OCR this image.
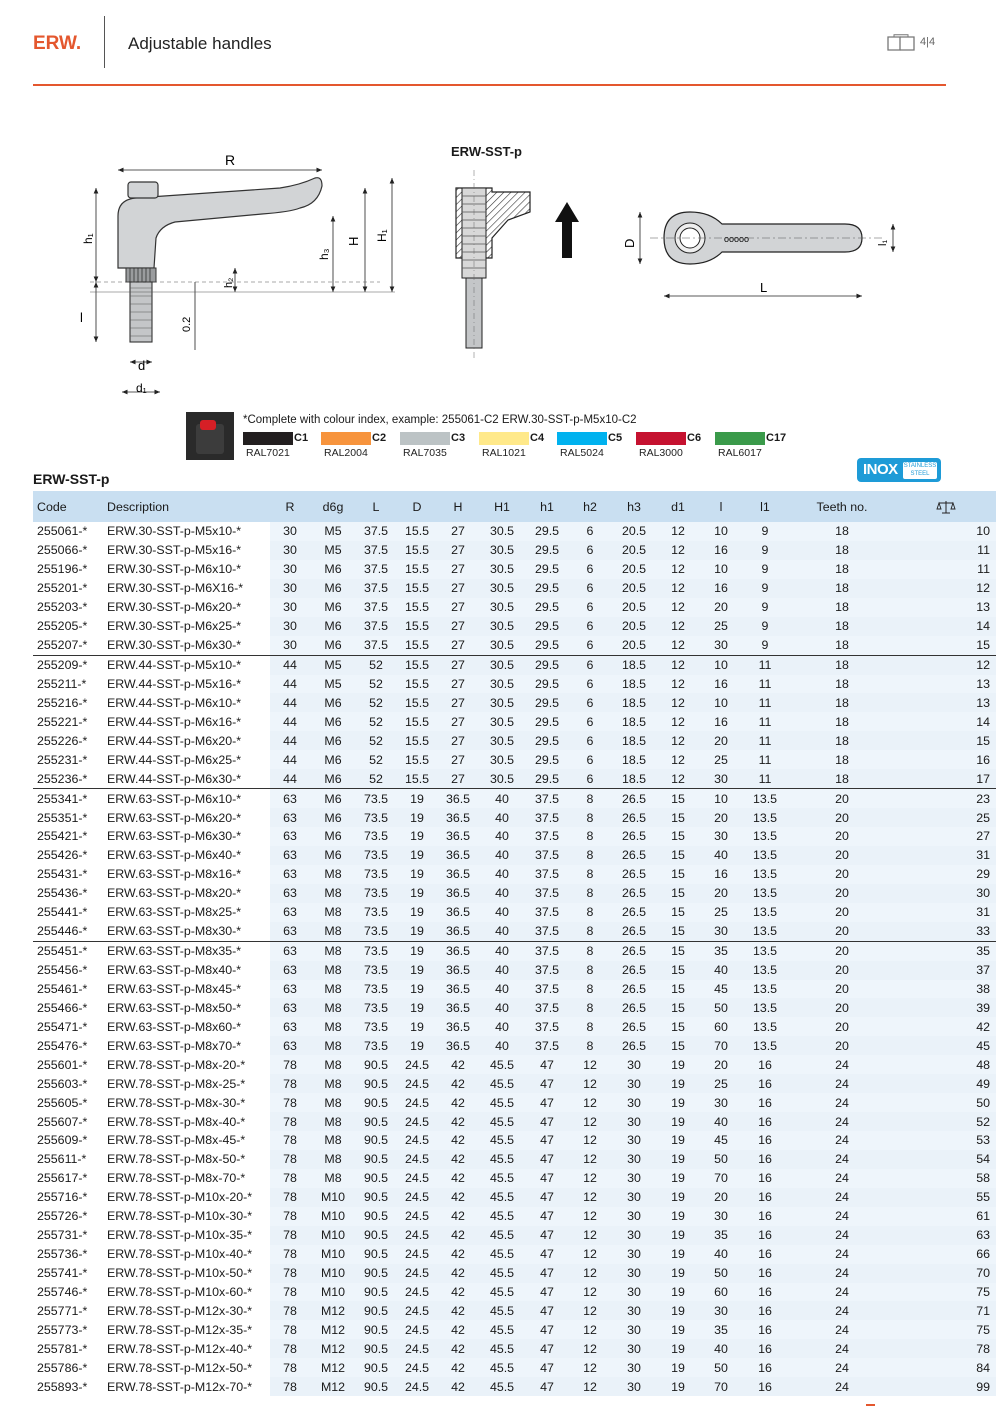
ERW.	Adjustable handles	4|4
ERW-SST-p
R
h₁
l
h₂
h₃
H H₁
0.2
d
d₁
ooooo
D
L
l₁
*Complete with colour index, example: 255061-C2 ERW.30-SST-p-M5x10-C2
C1
RAL7021
C2
RAL2004
C3
RAL7035
C4
RAL1021
C5
RAL5024
C6
RAL3000
C17
RAL6017
INOX STAINLESS STEEL
ERW-SST-p
Code	Description	R	d6g	L	D	H	H1	h1	h2	h3	d1	l	l1	Teeth no.	
255061-*	ERW.30-SST-p-M5x10-*	30	M5	37.5	15.5	27	30.5	29.5	6	20.5	12	10	9	18	10
255066-*	ERW.30-SST-p-M5x16-*	30	M5	37.5	15.5	27	30.5	29.5	6	20.5	12	16	9	18	11
255196-*	ERW.30-SST-p-M6x10-*	30	M6	37.5	15.5	27	30.5	29.5	6	20.5	12	10	9	18	11
255201-*	ERW.30-SST-p-M6X16-*	30	M6	37.5	15.5	27	30.5	29.5	6	20.5	12	16	9	18	12
255203-*	ERW.30-SST-p-M6x20-*	30	M6	37.5	15.5	27	30.5	29.5	6	20.5	12	20	9	18	13
255205-*	ERW.30-SST-p-M6x25-*	30	M6	37.5	15.5	27	30.5	29.5	6	20.5	12	25	9	18	14
255207-*	ERW.30-SST-p-M6x30-*	30	M6	37.5	15.5	27	30.5	29.5	6	20.5	12	30	9	18	15
255209-*	ERW.44-SST-p-M5x10-*	44	M5	52	15.5	27	30.5	29.5	6	18.5	12	10	11	18	12
255211-*	ERW.44-SST-p-M5x16-*	44	M5	52	15.5	27	30.5	29.5	6	18.5	12	16	11	18	13
255216-*	ERW.44-SST-p-M6x10-*	44	M6	52	15.5	27	30.5	29.5	6	18.5	12	10	11	18	13
255221-*	ERW.44-SST-p-M6x16-*	44	M6	52	15.5	27	30.5	29.5	6	18.5	12	16	11	18	14
255226-*	ERW.44-SST-p-M6x20-*	44	M6	52	15.5	27	30.5	29.5	6	18.5	12	20	11	18	15
255231-*	ERW.44-SST-p-M6x25-*	44	M6	52	15.5	27	30.5	29.5	6	18.5	12	25	11	18	16
255236-*	ERW.44-SST-p-M6x30-*	44	M6	52	15.5	27	30.5	29.5	6	18.5	12	30	11	18	17
255341-*	ERW.63-SST-p-M6x10-*	63	M6	73.5	19	36.5	40	37.5	8	26.5	15	10	13.5	20	23
255351-*	ERW.63-SST-p-M6x20-*	63	M6	73.5	19	36.5	40	37.5	8	26.5	15	20	13.5	20	25
255421-*	ERW.63-SST-p-M6x30-*	63	M6	73.5	19	36.5	40	37.5	8	26.5	15	30	13.5	20	27
255426-*	ERW.63-SST-p-M6x40-*	63	M6	73.5	19	36.5	40	37.5	8	26.5	15	40	13.5	20	31
255431-*	ERW.63-SST-p-M8x16-*	63	M8	73.5	19	36.5	40	37.5	8	26.5	15	16	13.5	20	29
255436-*	ERW.63-SST-p-M8x20-*	63	M8	73.5	19	36.5	40	37.5	8	26.5	15	20	13.5	20	30
255441-*	ERW.63-SST-p-M8x25-*	63	M8	73.5	19	36.5	40	37.5	8	26.5	15	25	13.5	20	31
255446-*	ERW.63-SST-p-M8x30-*	63	M8	73.5	19	36.5	40	37.5	8	26.5	15	30	13.5	20	33
255451-*	ERW.63-SST-p-M8x35-*	63	M8	73.5	19	36.5	40	37.5	8	26.5	15	35	13.5	20	35
255456-*	ERW.63-SST-p-M8x40-*	63	M8	73.5	19	36.5	40	37.5	8	26.5	15	40	13.5	20	37
255461-*	ERW.63-SST-p-M8x45-*	63	M8	73.5	19	36.5	40	37.5	8	26.5	15	45	13.5	20	38
255466-*	ERW.63-SST-p-M8x50-*	63	M8	73.5	19	36.5	40	37.5	8	26.5	15	50	13.5	20	39
255471-*	ERW.63-SST-p-M8x60-*	63	M8	73.5	19	36.5	40	37.5	8	26.5	15	60	13.5	20	42
255476-*	ERW.63-SST-p-M8x70-*	63	M8	73.5	19	36.5	40	37.5	8	26.5	15	70	13.5	20	45
255601-*	ERW.78-SST-p-M8x-20-*	78	M8	90.5	24.5	42	45.5	47	12	30	19	20	16	24	48
255603-*	ERW.78-SST-p-M8x-25-*	78	M8	90.5	24.5	42	45.5	47	12	30	19	25	16	24	49
255605-*	ERW.78-SST-p-M8x-30-*	78	M8	90.5	24.5	42	45.5	47	12	30	19	30	16	24	50
255607-*	ERW.78-SST-p-M8x-40-*	78	M8	90.5	24.5	42	45.5	47	12	30	19	40	16	24	52
255609-*	ERW.78-SST-p-M8x-45-*	78	M8	90.5	24.5	42	45.5	47	12	30	19	45	16	24	53
255611-*	ERW.78-SST-p-M8x-50-*	78	M8	90.5	24.5	42	45.5	47	12	30	19	50	16	24	54
255617-*	ERW.78-SST-p-M8x-70-*	78	M8	90.5	24.5	42	45.5	47	12	30	19	70	16	24	58
255716-*	ERW.78-SST-p-M10x-20-*	78	M10	90.5	24.5	42	45.5	47	12	30	19	20	16	24	55
255726-*	ERW.78-SST-p-M10x-30-*	78	M10	90.5	24.5	42	45.5	47	12	30	19	30	16	24	61
255731-*	ERW.78-SST-p-M10x-35-*	78	M10	90.5	24.5	42	45.5	47	12	30	19	35	16	24	63
255736-*	ERW.78-SST-p-M10x-40-*	78	M10	90.5	24.5	42	45.5	47	12	30	19	40	16	24	66
255741-*	ERW.78-SST-p-M10x-50-*	78	M10	90.5	24.5	42	45.5	47	12	30	19	50	16	24	70
255746-*	ERW.78-SST-p-M10x-60-*	78	M10	90.5	24.5	42	45.5	47	12	30	19	60	16	24	75
255771-*	ERW.78-SST-p-M12x-30-*	78	M12	90.5	24.5	42	45.5	47	12	30	19	30	16	24	71
255773-*	ERW.78-SST-p-M12x-35-*	78	M12	90.5	24.5	42	45.5	47	12	30	19	35	16	24	75
255781-*	ERW.78-SST-p-M12x-40-*	78	M12	90.5	24.5	42	45.5	47	12	30	19	40	16	24	78
255786-*	ERW.78-SST-p-M12x-50-*	78	M12	90.5	24.5	42	45.5	47	12	30	19	50	16	24	84
255893-*	ERW.78-SST-p-M12x-70-*	78	M12	90.5	24.5	42	45.5	47	12	30	19	70	16	24	99
